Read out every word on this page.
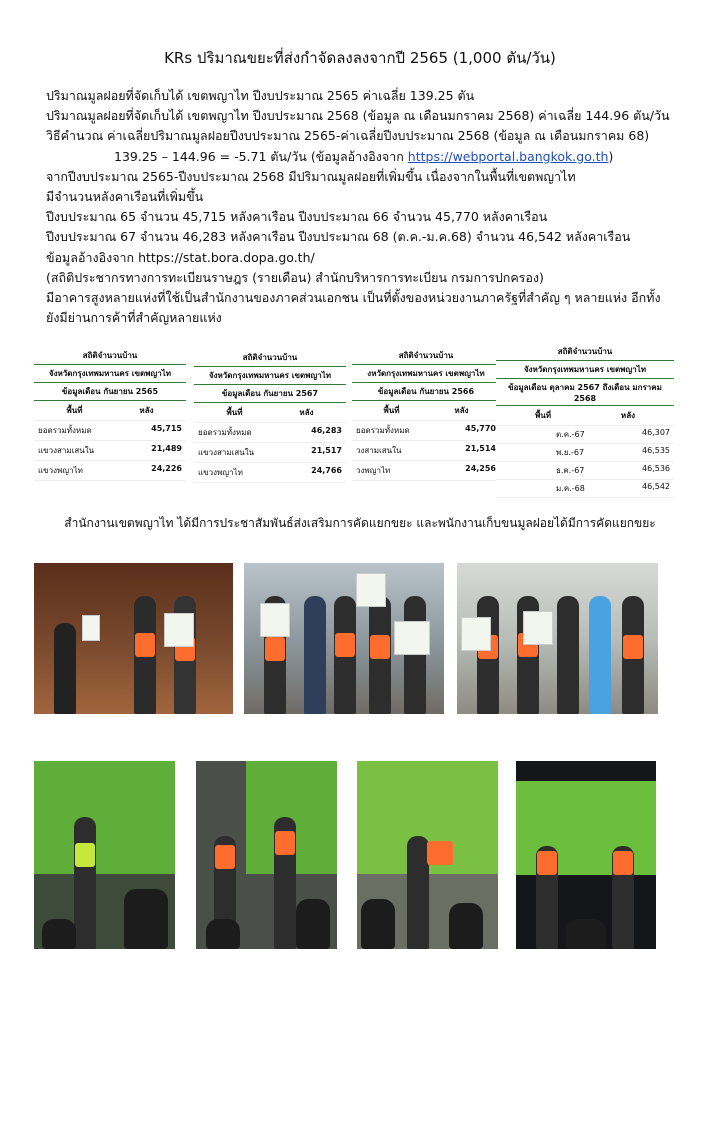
KRs ปริมาณขยะที่ส่งกำจัดลงลงจากปี 2565 (1,000 ตัน/วัน)

ปริมาณมูลฝอยที่จัดเก็บได้ เขตพญาไท ปีงบประมาณ 2565 ค่าเฉลี่ย 139.25 ตัน

ปริมาณมูลฝอยที่จัดเก็บได้ เขตพญาไท ปีงบประมาณ 2568 (ข้อมูล ณ เดือนมกราคม 2568) ค่าเฉลี่ย 144.96 ตัน/วัน

วิธีคำนวณ ค่าเฉลี่ยปริมาณมูลฝอยปีงบประมาณ 2565-ค่าเฉลี่ยปีงบประมาณ 2568 (ข้อมูล ณ เดือนมกราคม 68)

139.25 – 144.96 = -5.71 ตัน/วัน (ข้อมูลอ้างอิงจาก https://webportal.bangkok.go.th)

จากปีงบประมาณ 2565-ปีงบประมาณ 2568 มีปริมาณมูลฝอยที่เพิ่มขึ้น เนื่องจากในพื้นที่เขตพญาไท

มีจำนวนหลังคาเรือนที่เพิ่มขึ้น

ปีงบประมาณ 65 จำนวน 45,715 หลังคาเรือน ปีงบประมาณ 66 จำนวน 45,770 หลังคาเรือน

ปีงบประมาณ 67 จำนวน 46,283 หลังคาเรือน ปีงบประมาณ 68 (ต.ค.-ม.ค.68) จำนวน 46,542 หลังคาเรือน

ข้อมูลอ้างอิงจาก https://stat.bora.dopa.go.th/

(สถิติประชากรทางการทะเบียนราษฎร (รายเดือน) สำนักบริหารการทะเบียน กรมการปกครอง)

มีอาคารสูงหลายแห่งที่ใช้เป็นสำนักงานของภาคส่วนเอกชน เป็นที่ตั้งของหน่วยงานภาครัฐที่สำคัญ ๆ หลายแห่ง อีกทั้ง

ยังมีย่านการค้าที่สำคัญหลายแห่ง

สถิติจำนวนบ้าน
จังหวัดกรุงเทพมหานคร เขตพญาไท
ข้อมูลเดือน กันยายน 2565
พื้นที่	หลัง
ยอดรวมทั้งหมด	45,715
แขวงสามเสนใน	21,489
แขวงพญาไท	24,226
สถิติจำนวนบ้าน
จังหวัดกรุงเทพมหานคร เขตพญาไท
ข้อมูลเดือน กันยายน 2567
พื้นที่	หลัง
ยอดรวมทั้งหมด	46,283
แขวงสามเสนใน	21,517
แขวงพญาไท	24,766
สถิติจำนวนบ้าน
งหวัดกรุงเทพมหานคร เขตพญาไท
ข้อมูลเดือน กันยายน 2566
พื้นที่	หลัง
ยอดรวมทั้งหมด	45,770
วงสามเสนใน	21,514
วงพญาไท	24,256
สถิติจำนวนบ้าน
จังหวัดกรุงเทพมหานคร เขตพญาไท
ข้อมูลเดือน ตุลาคม 2567 ถึงเดือน มกราคม 2568
พื้นที่	หลัง
ต.ค.-67	46,307
พ.ย.-67	46,535
ธ.ค.-67	46,536
ม.ค.-68	46,542
สำนักงานเขตพญาไท ได้มีการประชาสัมพันธ์ส่งเสริมการคัดแยกขยะ และพนักงานเก็บขนมูลฝอยได้มีการคัดแยกขยะ
